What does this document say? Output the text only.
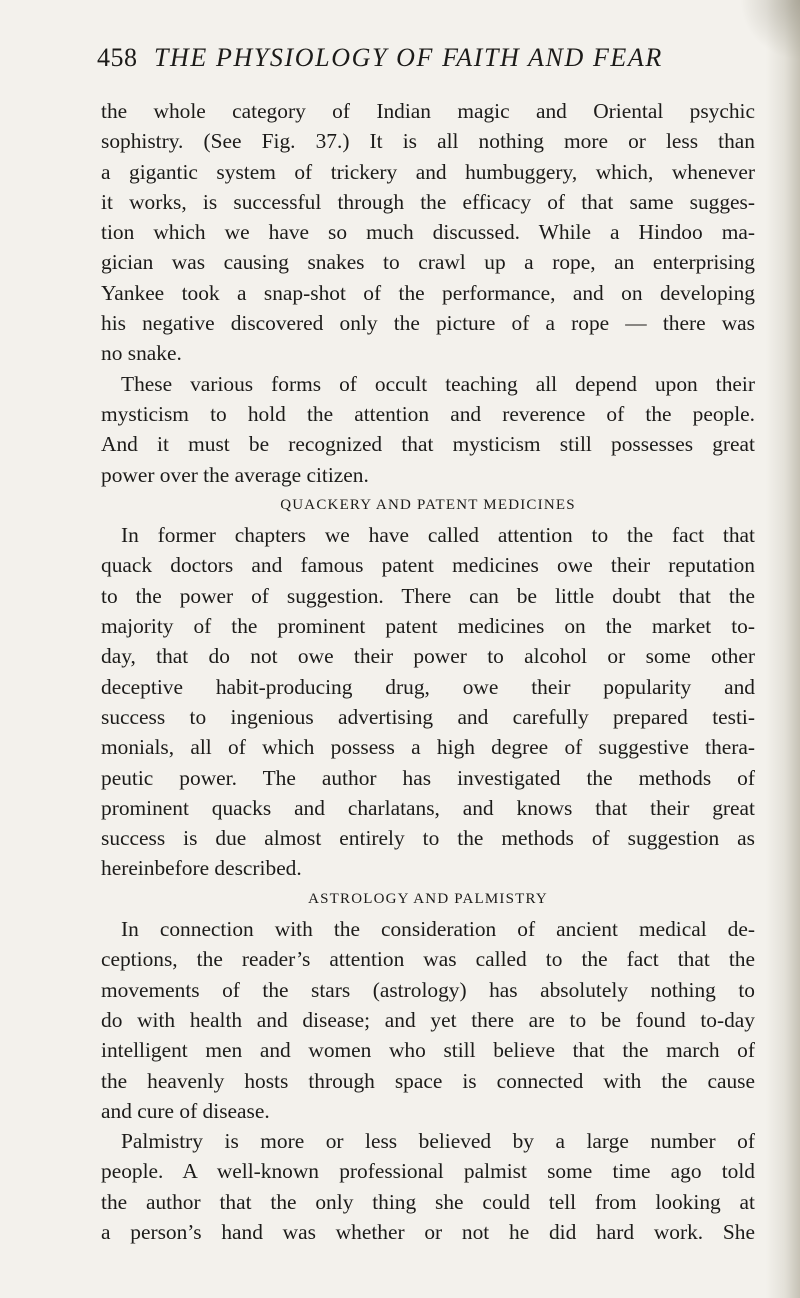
458 THE PHYSIOLOGY OF FAITH AND FEAR
the whole category of Indian magic and Oriental psychic
sophistry. (See Fig. 37.) It is all nothing more or less than
a gigantic system of trickery and humbuggery, which, whenever
it works, is successful through the efficacy of that same sugges-
tion which we have so much discussed. While a Hindoo ma-
gician was causing snakes to crawl up a rope, an enterprising
Yankee took a snap-shot of the performance, and on developing
his negative discovered only the picture of a rope — there was
no snake.
These various forms of occult teaching all depend upon their
mysticism to hold the attention and reverence of the people.
And it must be recognized that mysticism still possesses great
power over the average citizen.
QUACKERY AND PATENT MEDICINES
In former chapters we have called attention to the fact that
quack doctors and famous patent medicines owe their reputation
to the power of suggestion. There can be little doubt that the
majority of the prominent patent medicines on the market to-
day, that do not owe their power to alcohol or some other
deceptive habit-producing drug, owe their popularity and
success to ingenious advertising and carefully prepared testi-
monials, all of which possess a high degree of suggestive thera-
peutic power. The author has investigated the methods of
prominent quacks and charlatans, and knows that their great
success is due almost entirely to the methods of suggestion as
hereinbefore described.
ASTROLOGY AND PALMISTRY
In connection with the consideration of ancient medical de-
ceptions, the reader’s attention was called to the fact that the
movements of the stars (astrology) has absolutely nothing to
do with health and disease; and yet there are to be found to-day
intelligent men and women who still believe that the march of
the heavenly hosts through space is connected with the cause
and cure of disease.
Palmistry is more or less believed by a large number of
people. A well-known professional palmist some time ago told
the author that the only thing she could tell from looking at
a person’s hand was whether or not he did hard work. She
